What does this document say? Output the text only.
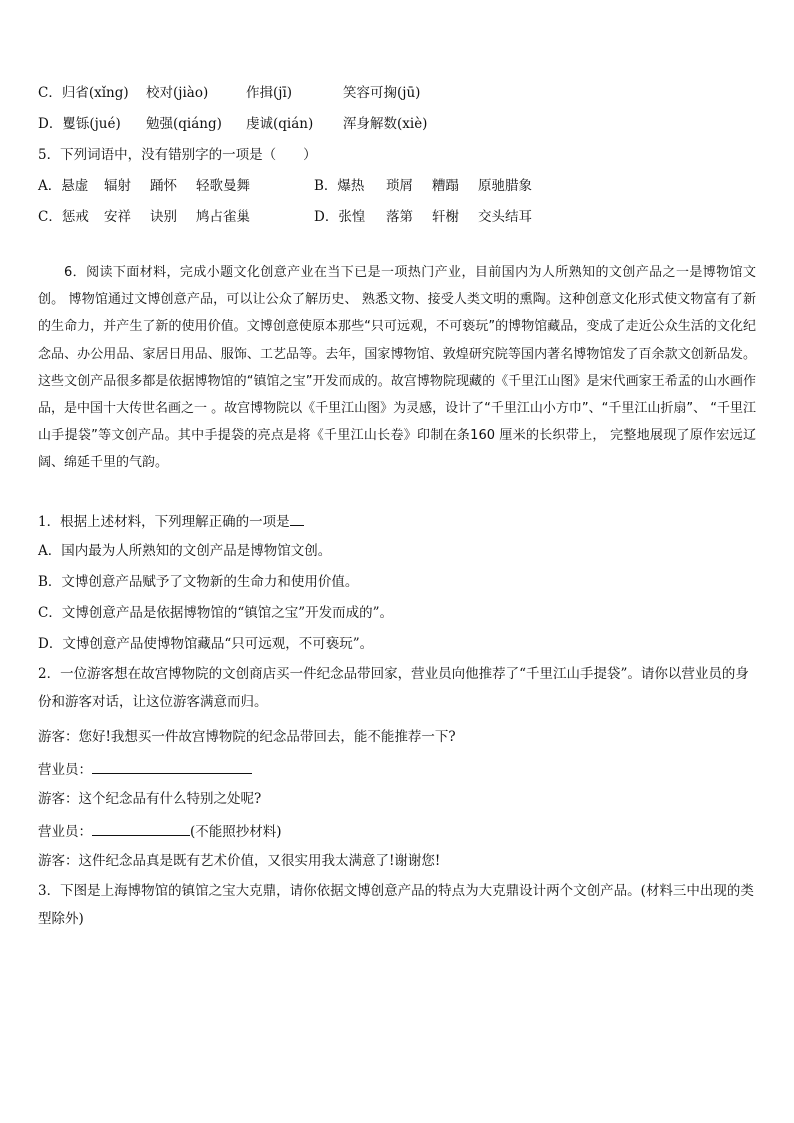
C．归省(xǐng) 校对(jiào)	作揖(jī)	笑容可掬(jū)
D．矍铄(jué) 勉强(qiáng) 虔诚(qián) 浑身解数(xiè)
5．下列词语中，没有错别字的一项是（　　）
A．悬虚 辐射 踊怀 轻歌曼舞	B．爆热 琐屑 糟蹋 原驰腊象
C．惩戒 安祥 诀别 鸠占雀巢	D．张惶 落第 轩榭 交头结耳
6．阅读下面材料，完成小题文化创意产业在当下已是一项热门产业，目前国内为人所熟知的文创产品之一是博物馆文创。 博物馆通过文博创意产品，可以让公众了解历史、 熟悉文物、接受人类文明的熏陶。这种创意文化形式使文物富有了新的生命力，并产生了新的使用价值。文博创意使原本那些“只可远观，不可亵玩”的博物馆藏品，变成了走近公众生活的文化纪念品、办公用品、家居日用品、服饰、工艺品等。去年，国家博物馆、敦煌研究院等国内著名博物馆发了百余款文创新品发。这些文创产品很多都是依据博物馆的“镇馆之宝”开发而成的。故宫博物院现藏的《千里江山图》是宋代画家王希孟的山水画作品，是中国十大传世名画之一 。故宫博物院以《千里江山图》为灵感，设计了“千里江山小方巾”、“千里江山折扇”、 “千里江山手提袋”等文创产品。其中手提袋的亮点是将《千里江山长卷》印制在条160 厘米的长织带上， 完整地展现了原作宏远辽阔、绵延千里的气韵。
1．根据上述材料，下列理解正确的一项是
A．国内最为人所熟知的文创产品是博物馆文创。
B．文博创意产品赋予了文物新的生命力和使用价值。
C．文博创意产品是依据博物馆的“镇馆之宝”开发而成的”。
D．文博创意产品使博物馆藏品“只可远观，不可亵玩”。
2．一位游客想在故宫博物院的文创商店买一件纪念品带回家，营业员向他推荐了“千里江山手提袋”。请你以营业员的身份和游客对话，让这位游客满意而归。
游客：您好!我想买一件故宫博物院的纪念品带回去，能不能推荐一下?
营业员：
游客：这个纪念品有什么特别之处呢?
营业员：	(不能照抄材料)
游客：这件纪念品真是既有艺术价值，又很实用我太满意了!谢谢您!
3．下图是上海博物馆的镇馆之宝大克鼎，请你依据文博创意产品的特点为大克鼎设计两个文创产品。(材料三中出现的类型除外)
